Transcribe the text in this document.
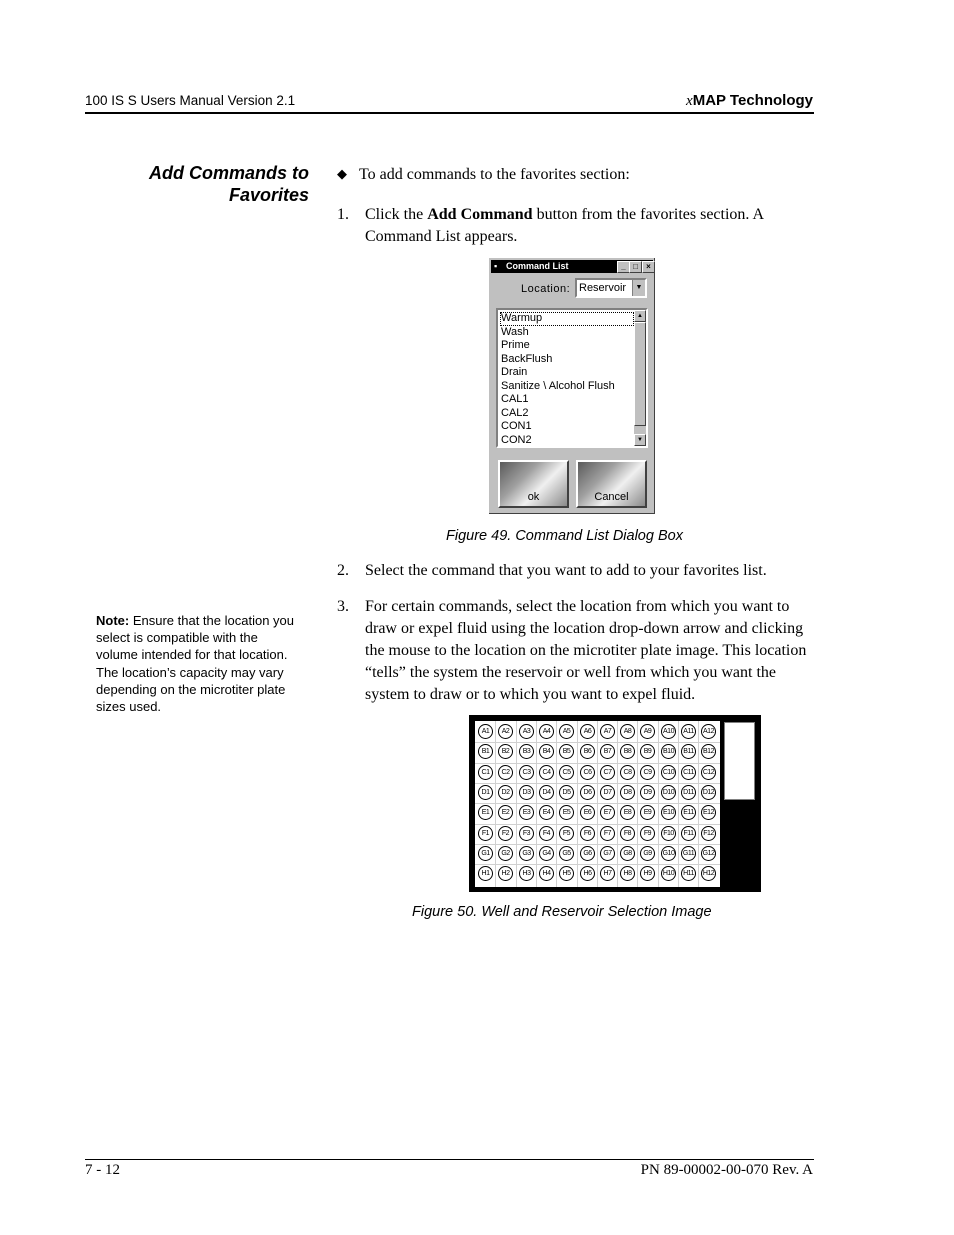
100 IS S Users Manual Version 2.1	xMAP Technology
Add Commands to
Favorites
◆ To add commands to the favorites section:
1. Click the Add Command button from the favorites section. A Command List appears.
▪ Command List	_ □	×
Location: Reservoir	▼
Warmup
Wash
Prime
BackFlush
Drain
Sanitize \ Alcohol Flush
CAL1
CAL2
CON1
CON2
▲
▼
ok	Cancel
Figure 49. Command List Dialog Box
2. Select the command that you want to add to your favorites list.
3. For certain commands, select the location from which you want to draw or expel fluid using the location drop-down arrow and clicking the mouse to the location on the microtiter plate image. This location “tells” the system the reservoir or well from which you want the system to draw or to which you want to expel fluid.
Note: Ensure that the location you select is compatible with the volume intended for that location. The location’s capacity may vary depending on the microtiter plate sizes used.
A1	A2	A3	A4	A5	A6	A7	A8	A9	A10	A11	A12
B1	B2	B3	B4	B5	B6	B7	B8	B9	B10	B11	B12
C1	C2	C3	C4	C5	C6	C7	C8	C9	C10 C11 C12
D1	D2	D3	D4	D5	D6	D7	D8	D9	D10 D11 D12
E1	E2	E3	E4	E5	E6	E7	E8	E9	E10	E11	E12
F1	F2	F3	F4	F5	F6	F7	F8	F9	F10	F11	F12
G1	G2	G3	G4	G5	G6	G7	G8	G9	G10 G11 G12
H1	H2	H3	H4	H5	H6	H7	H8	H9	H10 H11 H12
Figure 50. Well and Reservoir Selection Image
7 - 12	PN 89-00002-00-070 Rev. A
